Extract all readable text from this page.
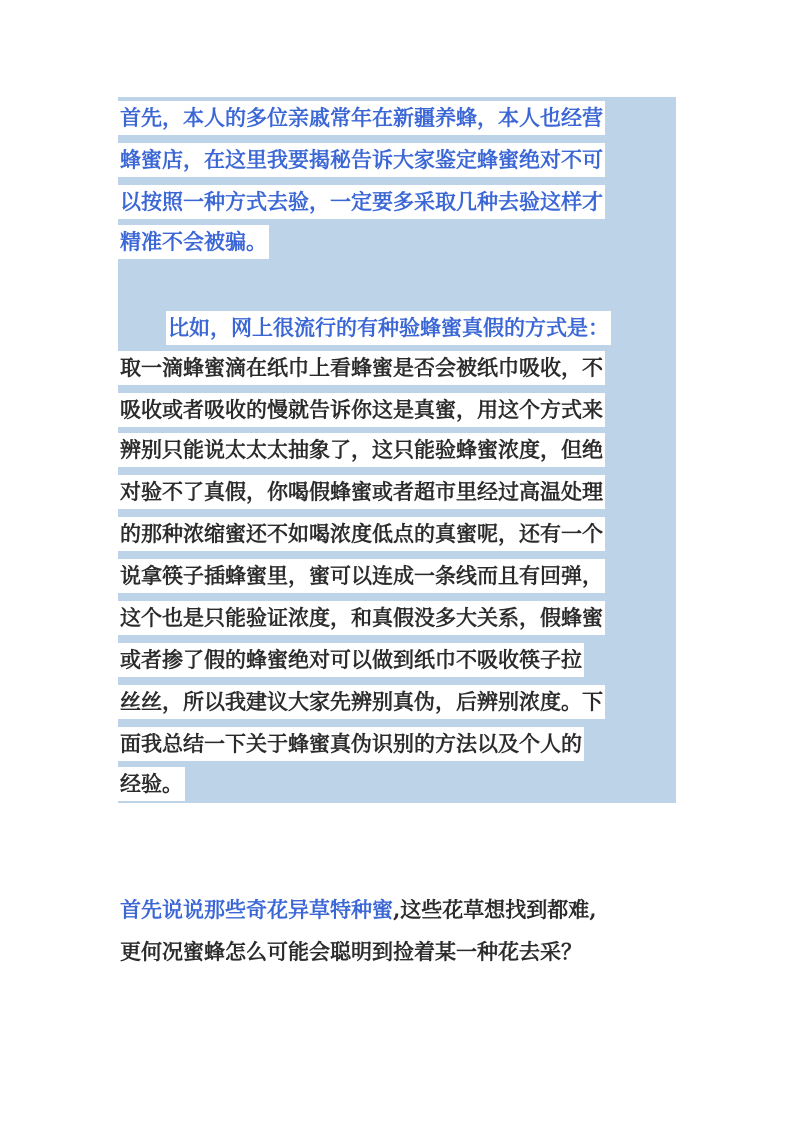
首先，本人的多位亲戚常年在新疆养蜂，本人也经营
蜂蜜店，在这里我要揭秘告诉大家鉴定蜂蜜绝对不可
以按照一种方式去验，一定要多采取几种去验这样才
精准不会被骗。
比如，网上很流行的有种验蜂蜜真假的方式是：
取一滴蜂蜜滴在纸巾上看蜂蜜是否会被纸巾吸收，不
吸收或者吸收的慢就告诉你这是真蜜，用这个方式来
辨别只能说太太太抽象了，这只能验蜂蜜浓度，但绝
对验不了真假，你喝假蜂蜜或者超市里经过高温处理
的那种浓缩蜜还不如喝浓度低点的真蜜呢，还有一个
说拿筷子插蜂蜜里，蜜可以连成一条线而且有回弹，
这个也是只能验证浓度，和真假没多大关系，假蜂蜜
或者掺了假的蜂蜜绝对可以做到纸巾不吸收筷子拉
丝丝，所以我建议大家先辨别真伪，后辨别浓度。下
面我总结一下关于蜂蜜真伪识别的方法以及个人的
经验。
首先说说那些奇花异草特种蜜,这些花草想找到都难,
更何况蜜蜂怎么可能会聪明到捡着某一种花去采？
